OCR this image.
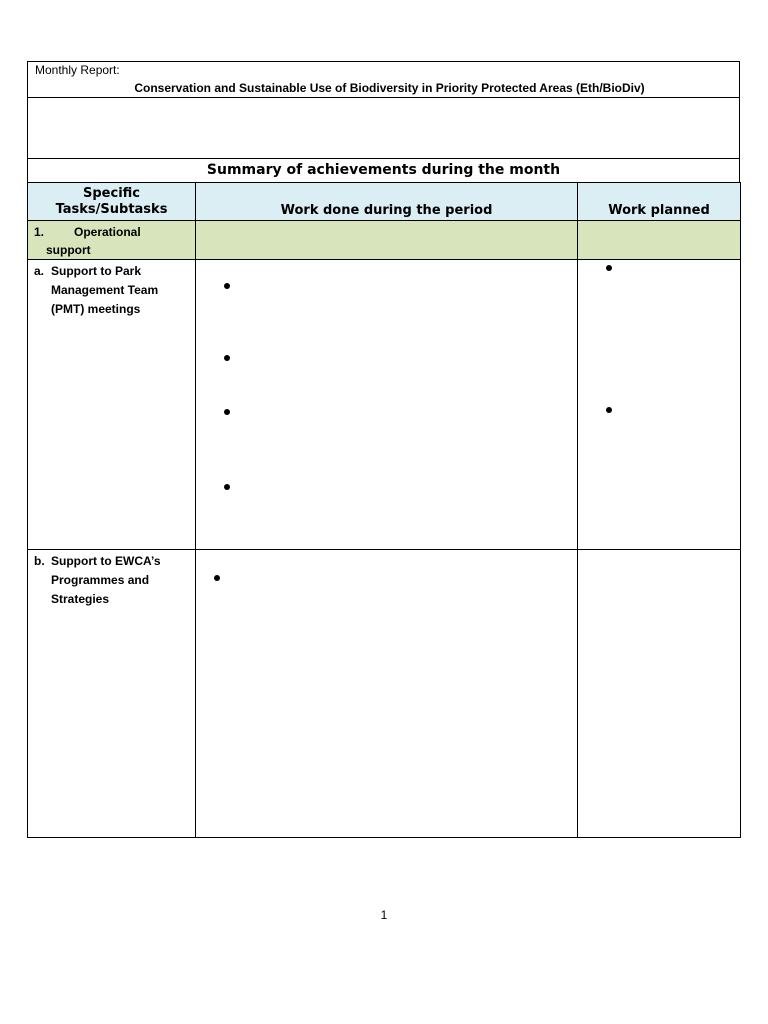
Monthly Report:
Conservation and Sustainable Use of Biodiversity in Priority Protected Areas (Eth/BioDiv)
Summary of achievements during the month
Specific Tasks/Subtasks	Work done during the period	Work planned

1. Operational
support		

a. Support to Park Management Team (PMT) meetings		

b. Support to EWCA’s Programmes and Strategies		

1
